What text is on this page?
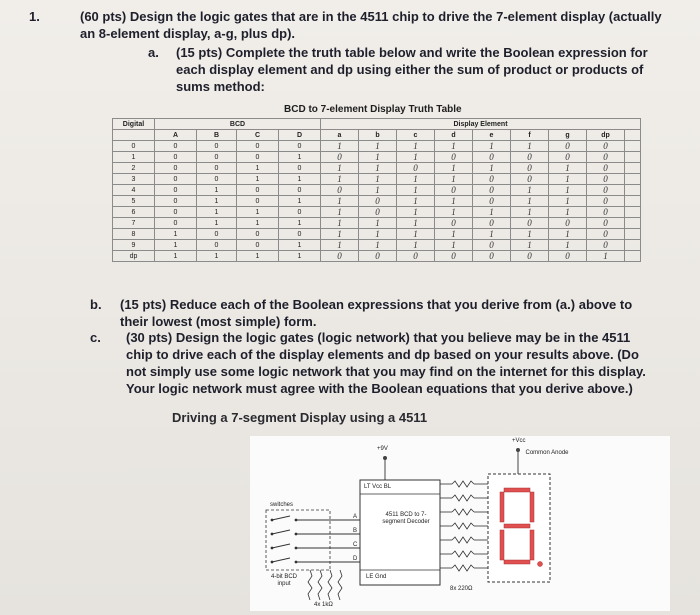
1.	(60 pts) Design the logic gates that are in the 4511 chip to drive the 7-element display (actually an 8-element display, a-g, plus dp).
a. (15 pts) Complete the truth table below and write the Boolean expression for each display element and dp using either the sum of product or products of sums method:
BCD to 7-element Display Truth Table
Digital	BCD				Display Element								
	A	B	C	D	a	b	c	d	e	f	g	dp	
0	0	0	0	0	1	1	1	1	1	1	0	0	
1	0	0	0	1	0	1	1	0	0	0	0	0	
2	0	0	1	0	1	1	0	1	1	0	1	0	
3	0	0	1	1	1	1	1	1	0	0	1	0	
4	0	1	0	0	0	1	1	0	0	1	1	0	
5	0	1	0	1	1	0	1	1	0	1	1	0	
6	0	1	1	0	1	0	1	1	1	1	1	0	
7	0	1	1	1	1	1	1	0	0	0	0	0	
8	1	0	0	0	1	1	1	1	1	1	1	0	
9	1	0	0	1	1	1	1	1	0	1	1	0	
dp	1	1	1	1	0	0	0	0	0	0	0	1	
b. (15 pts) Reduce each of the Boolean expressions that you derive from (a.) above to their lowest (most simple) form.
c. (30 pts) Design the logic gates (logic network) that you believe may be in the 4511 chip to drive each of the display elements and dp based on your results above. (Do not simply use some logic network that you may find on the internet for this display. Your logic network must agree with the Boolean equations that you derive above.)
Driving a 7-segment Display using a 4511
+9V
+Vcc
Common Anode
LT Vcc BL
4511 BCD to 7-segment Decoder
LE Gnd
switches
4-bit BCD input
4x 1kΩ
8x 220Ω
A
B
C
D
